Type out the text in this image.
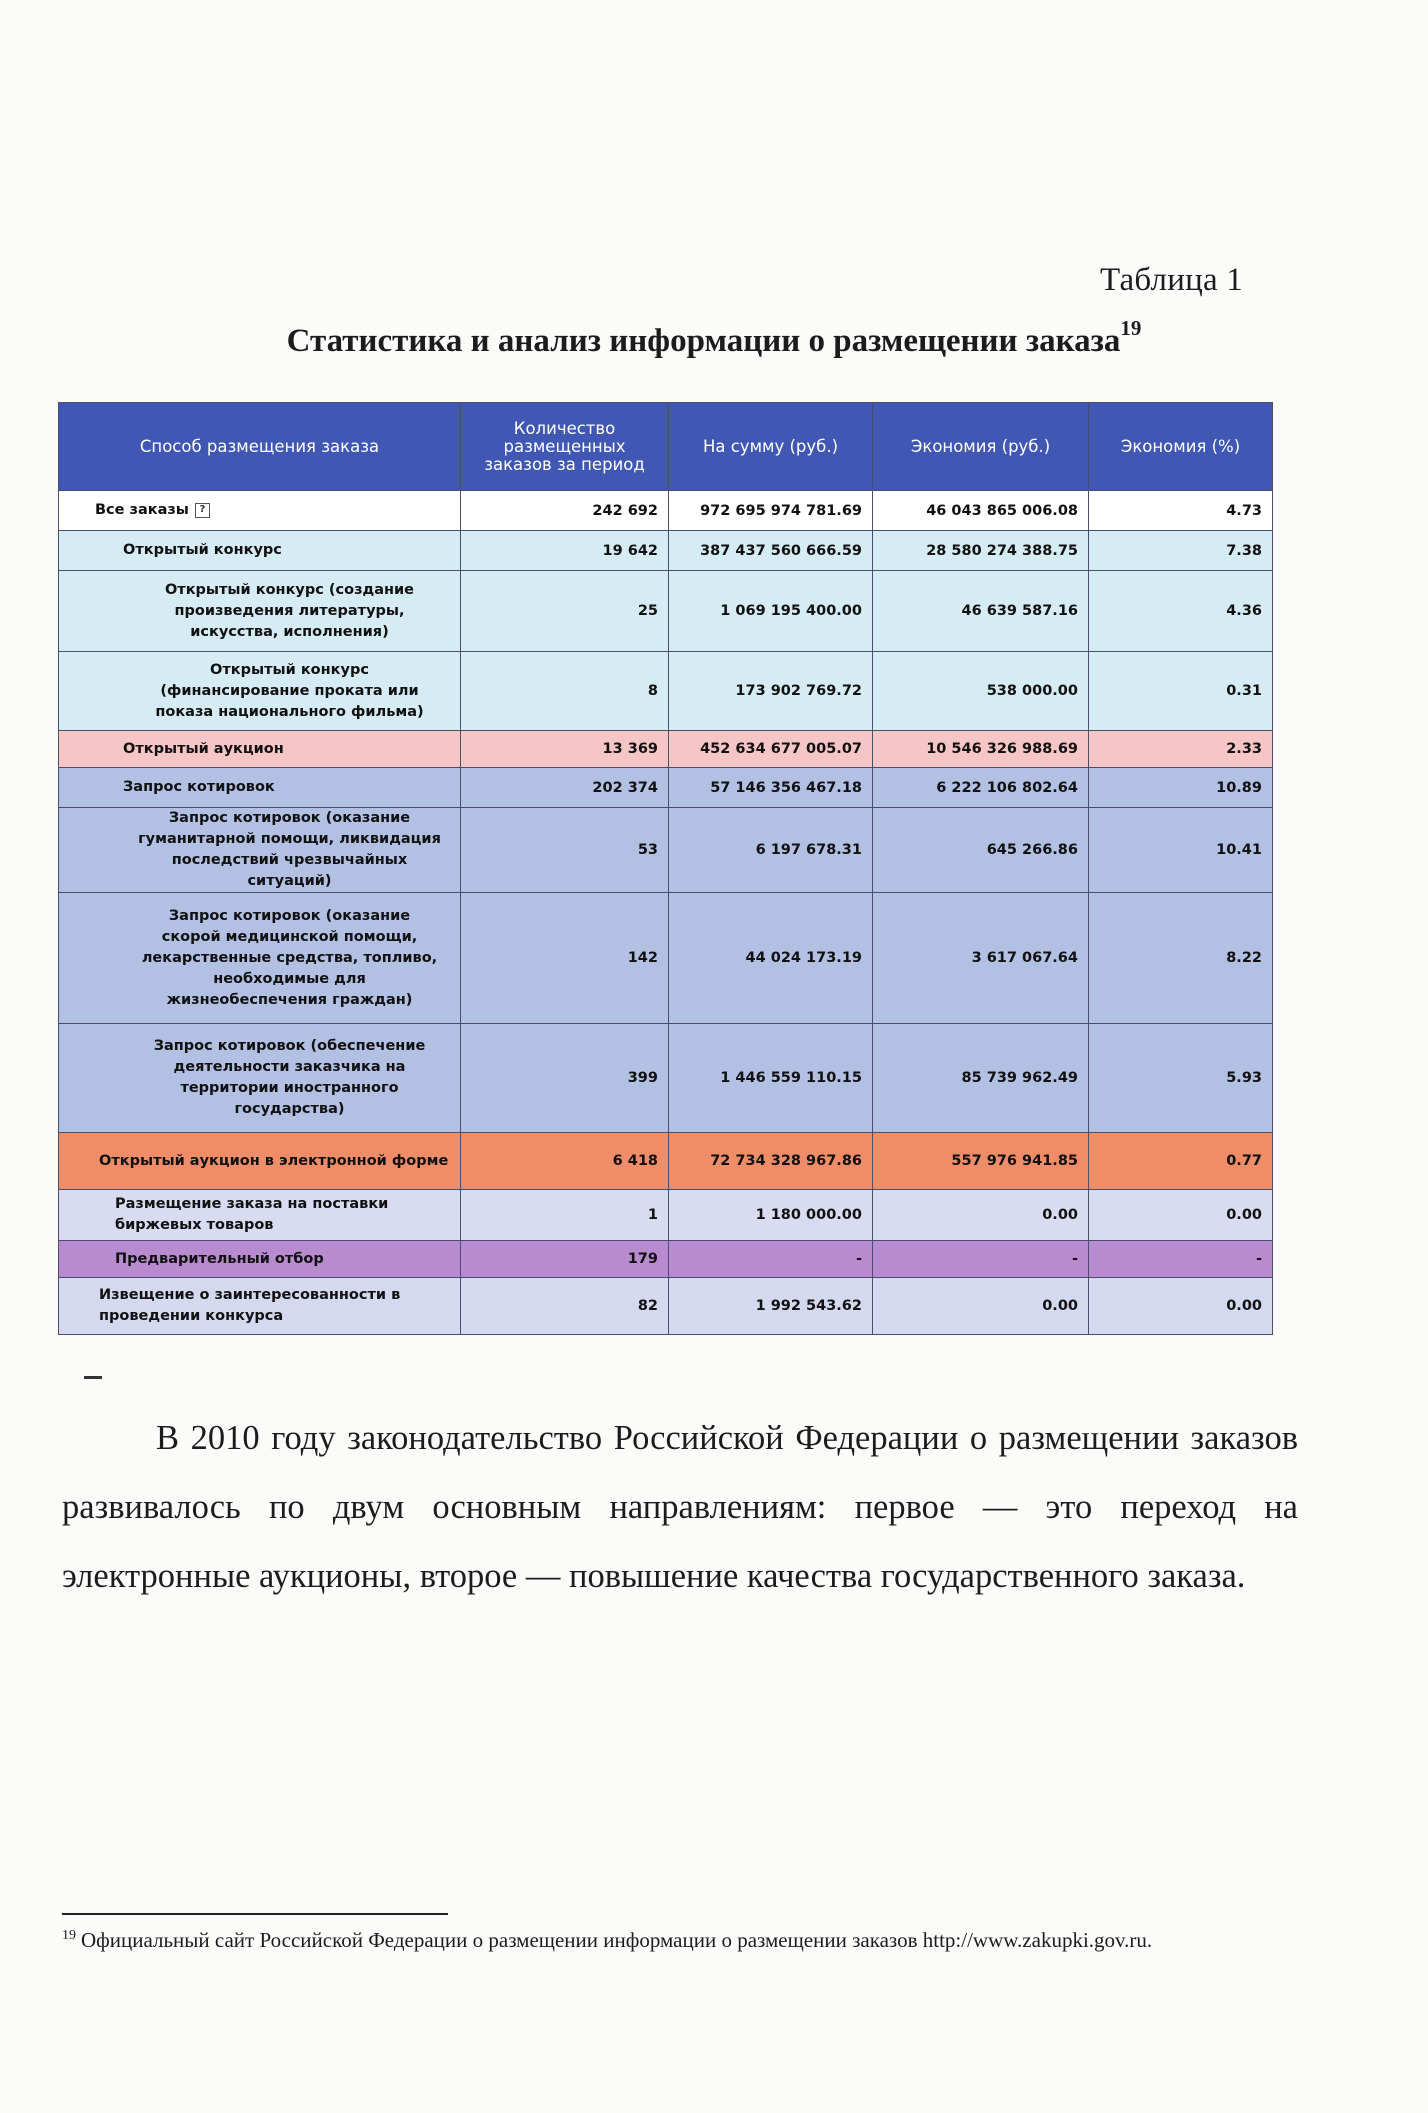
Таблица 1
Статистика и анализ информации о размещении заказа$^{19}$
Способ размещения заказа	Количество размещенных заказов за период	На сумму (руб.)	Экономия (руб.)	Экономия (%)
Все заказы ?	242 692	972 695 974 781.69	46 043 865 006.08	4.73
Открытый конкурс	19 642	387 437 560 666.59	28 580 274 388.75	7.38
Открытый конкурс (создание произведения литературы, искусства, исполнения)	25	1 069 195 400.00	46 639 587.16	4.36
Открытый конкурс (финансирование проката или показа национального фильма)	8	173 902 769.72	538 000.00	0.31
Открытый аукцион	13 369	452 634 677 005.07	10 546 326 988.69	2.33
Запрос котировок	202 374	57 146 356 467.18	6 222 106 802.64	10.89
Запрос котировок (оказание гуманитарной помощи, ликвидация последствий чрезвычайных ситуаций)	53	6 197 678.31	645 266.86	10.41
Запрос котировок (оказание скорой медицинской помощи, лекарственные средства, топливо, необходимые для жизнеобеспечения граждан)	142	44 024 173.19	3 617 067.64	8.22
Запрос котировок (обеспечение деятельности заказчика на территории иностранного государства)	399	1 446 559 110.15	85 739 962.49	5.93
Открытый аукцион в электронной форме	6 418	72 734 328 967.86	557 976 941.85	0.77
Размещение заказа на поставки биржевых товаров	1	1 180 000.00	0.00	0.00
Предварительный отбор	179	-	-	-
Извещение о заинтересованности в проведении конкурса	82	1 992 543.62	0.00	0.00

В 2010 году законодательство Российской Федерации о размещении заказов развивалось по двум основным направлениям: первое — это переход на электронные аукционы, второе — повышение качества государственного заказа.

$^{19}$ Официальный сайт Российской Федерации о размещении информации о размещении заказов http://www.zakupki.gov.ru.
